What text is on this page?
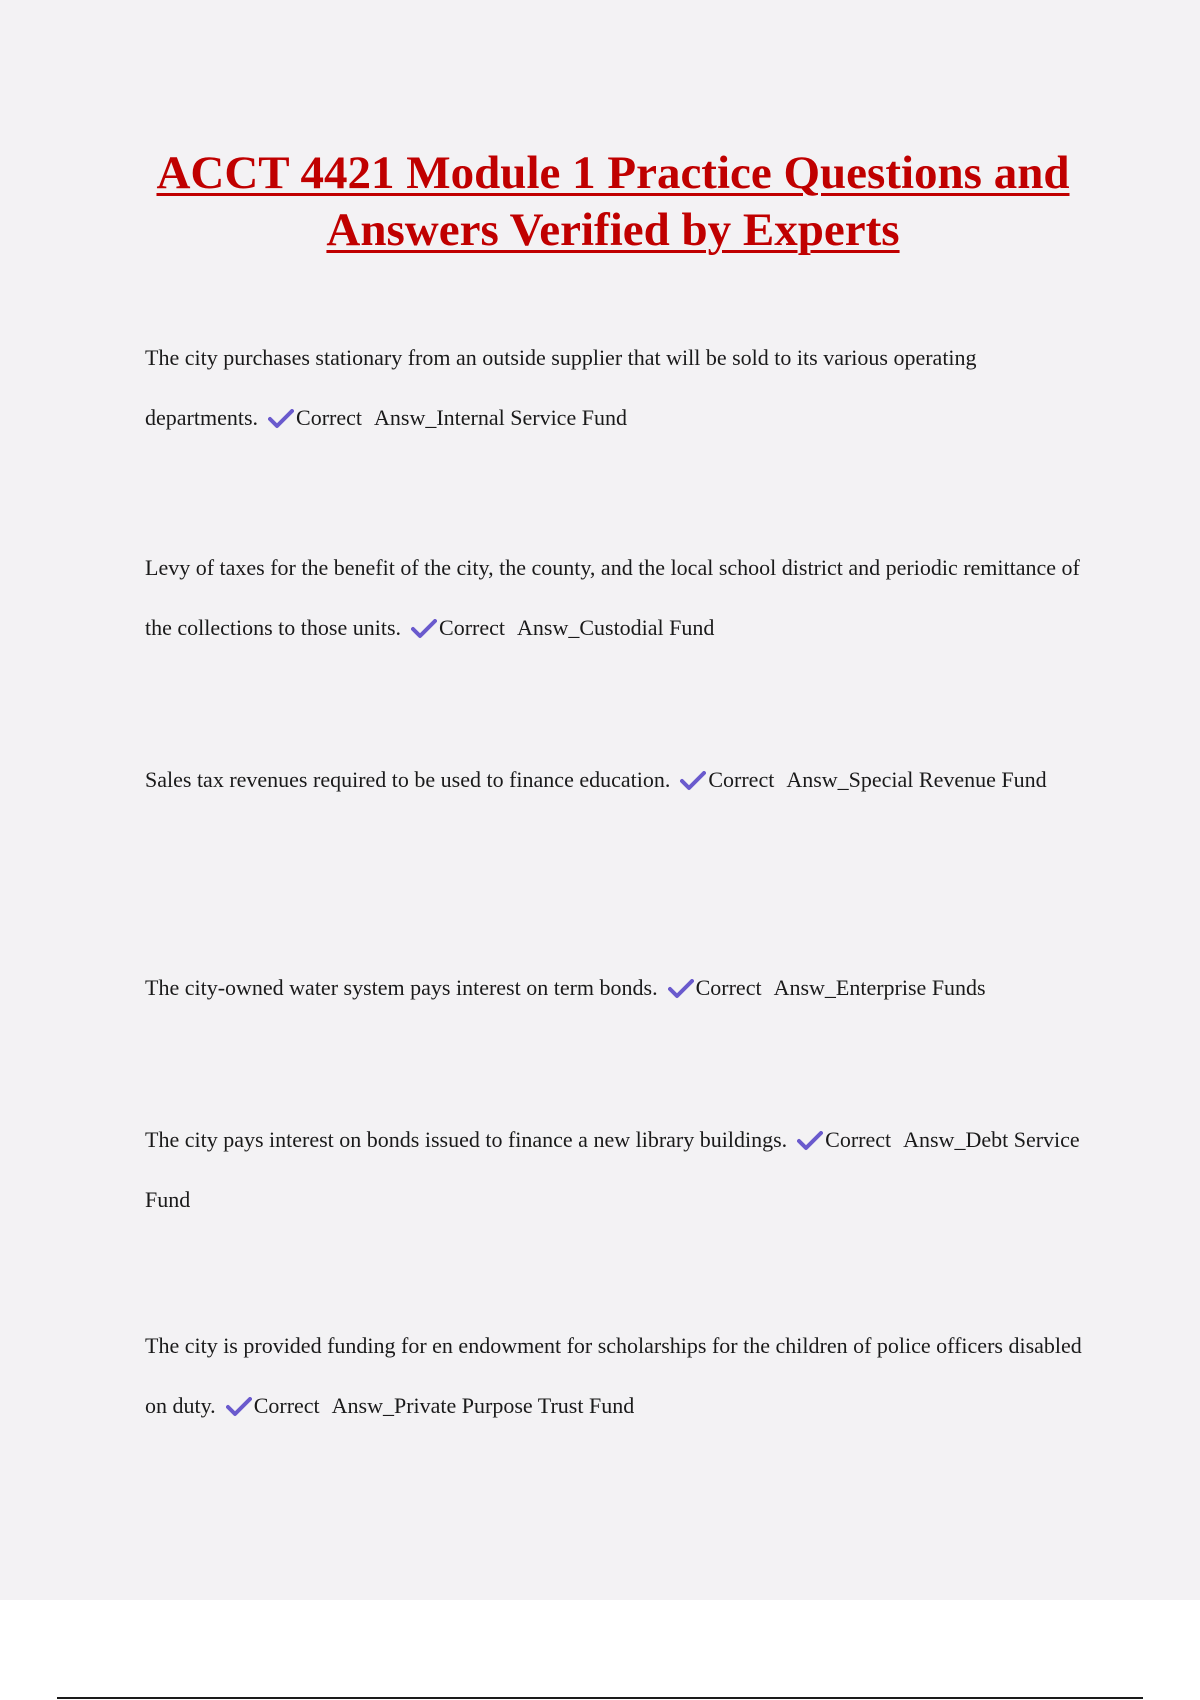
ACCT 4421 Module 1 Practice Questions and Answers Verified by Experts

The city purchases stationary from an outside supplier that will be sold to its various operating departments. Correct Answ_Internal Service Fund

Levy of taxes for the benefit of the city, the county, and the local school district and periodic remittance of the collections to those units. Correct Answ_Custodial Fund

Sales tax revenues required to be used to finance education. Correct Answ_Special Revenue Fund

The city-owned water system pays interest on term bonds. Correct Answ_Enterprise Funds

The city pays interest on bonds issued to finance a new library buildings. Correct Answ_Debt Service Fund

The city is provided funding for en endowment for scholarships for the children of police officers disabled on duty. Correct Answ_Private Purpose Trust Fund
